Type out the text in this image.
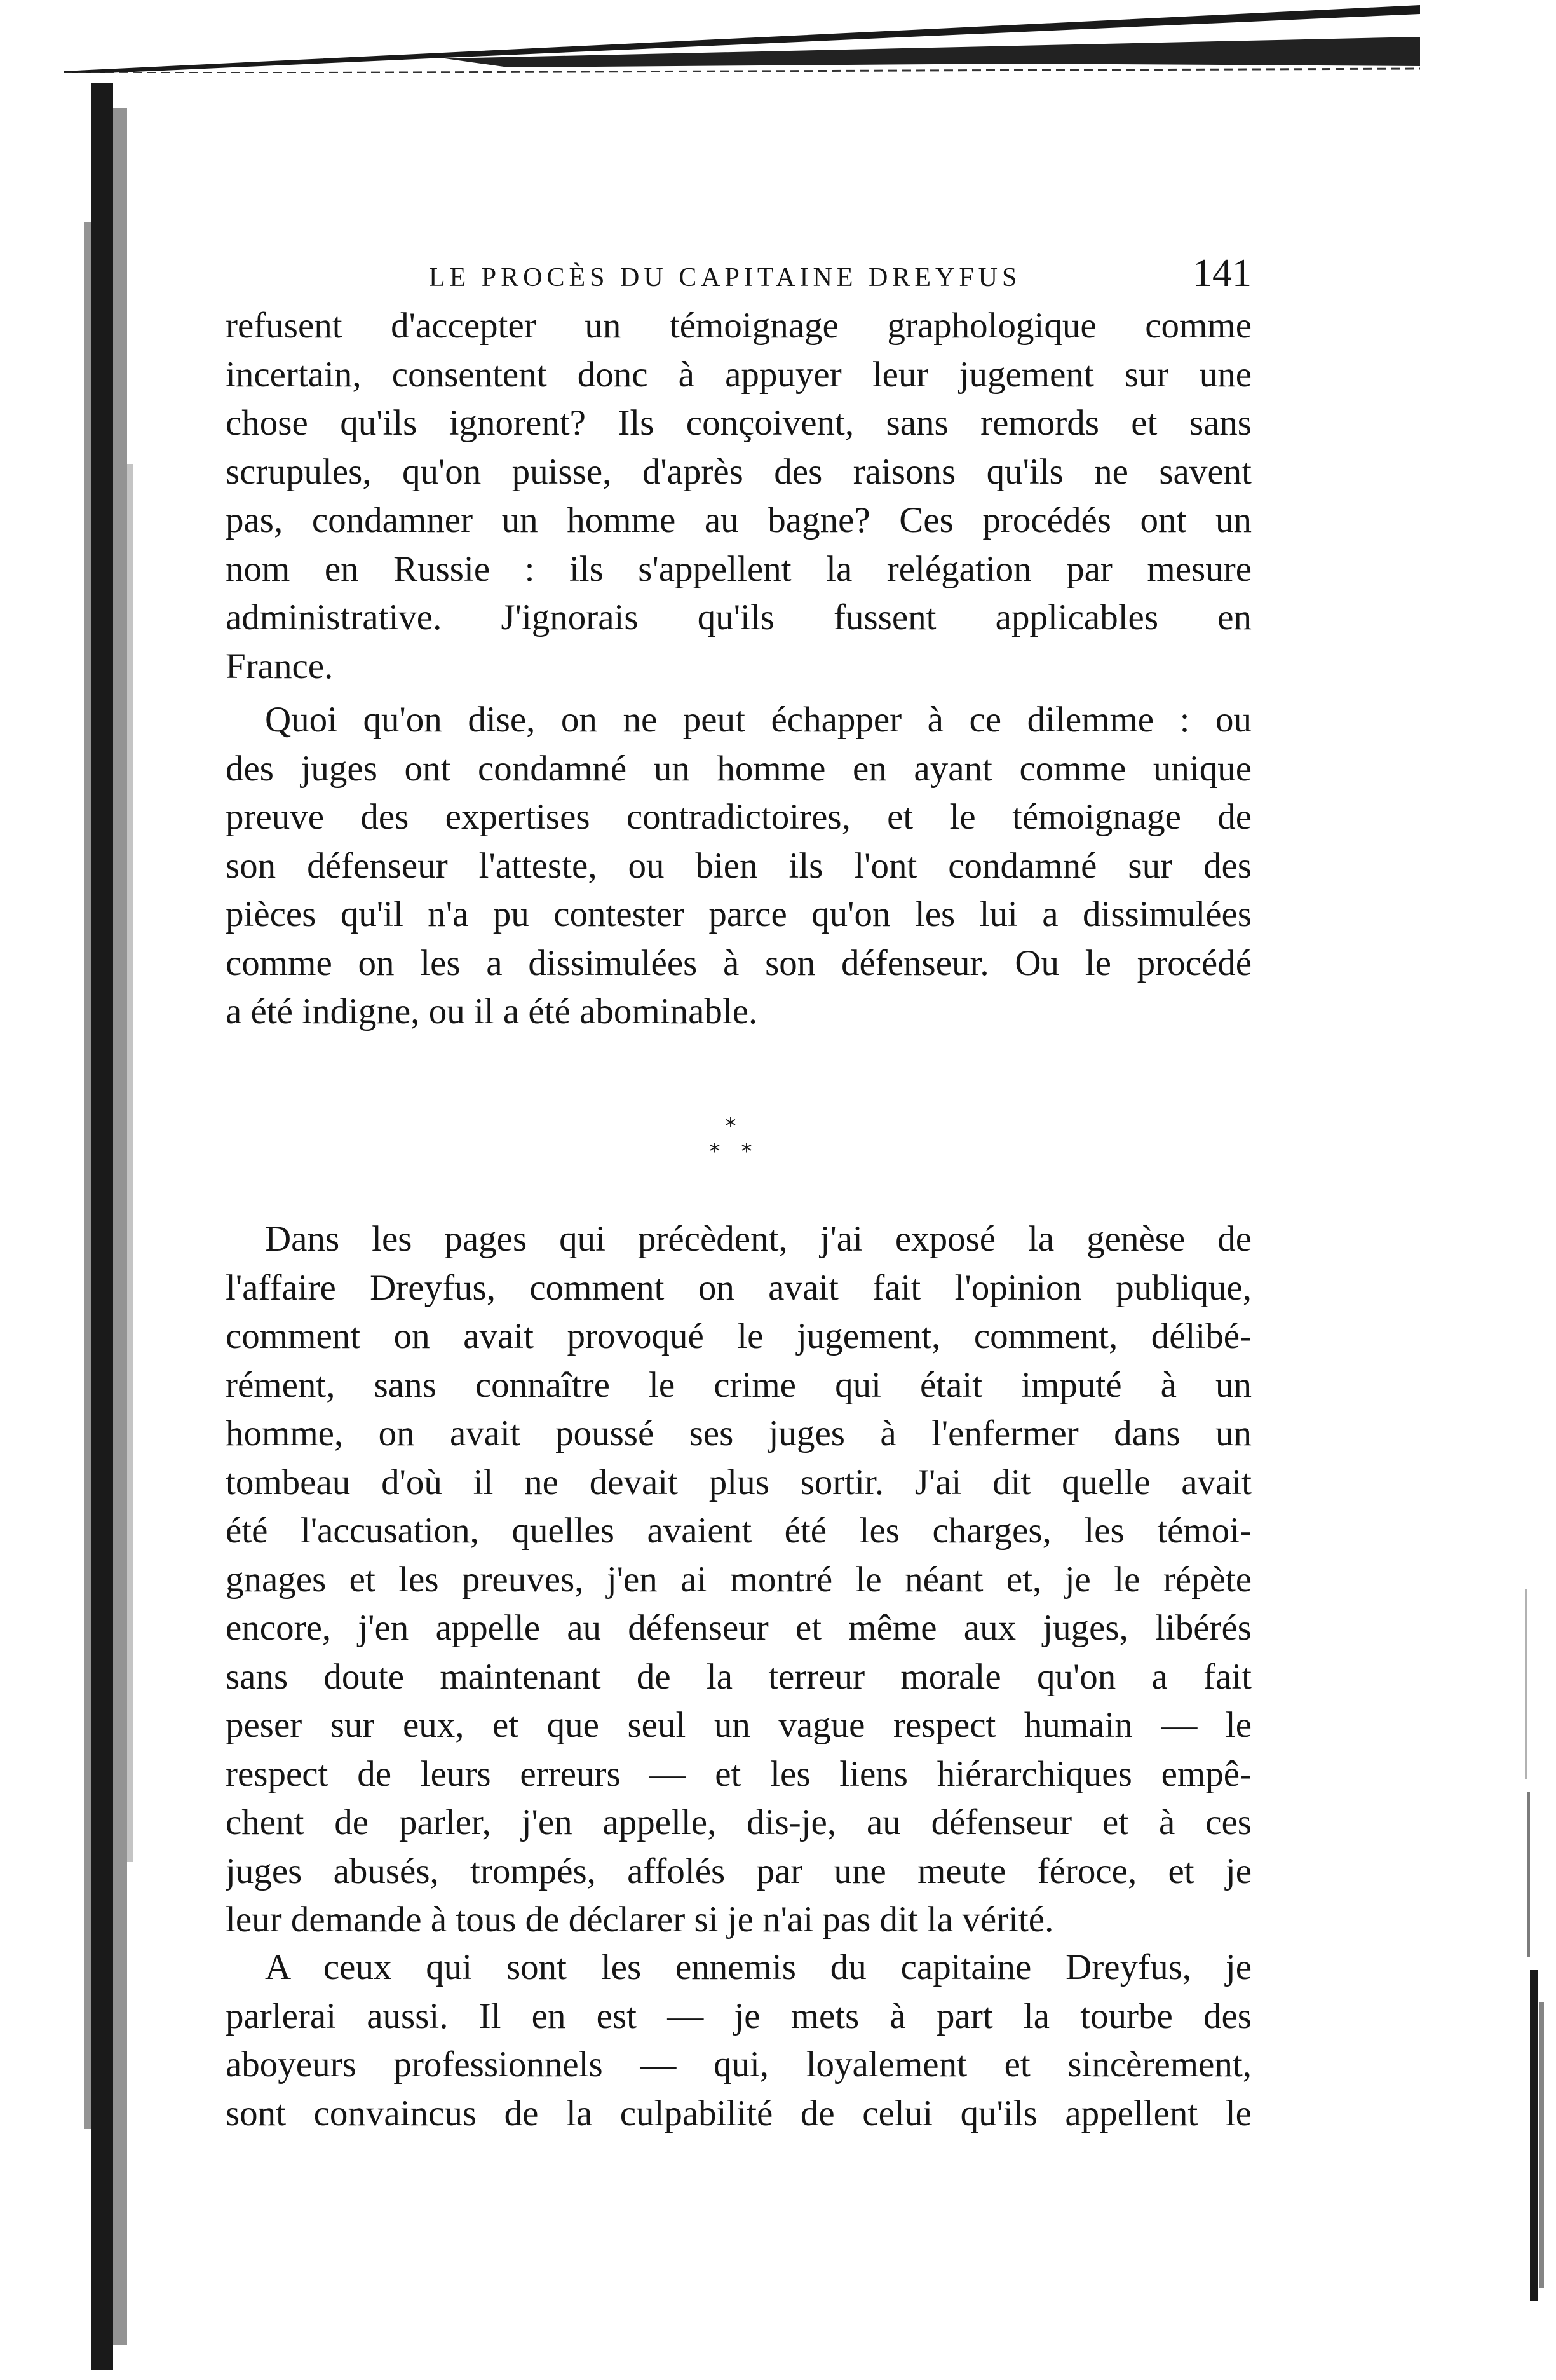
LE PROCÈS DU CAPITAINE DREYFUS	141
refusent d'accepter un témoignage graphologique comme
incertain, consentent donc à appuyer leur jugement sur une
chose qu'ils ignorent? Ils conçoivent, sans remords et sans
scrupules, qu'on puisse, d'après des raisons qu'ils ne savent
pas, condamner un homme au bagne? Ces procédés ont un
nom en Russie : ils s'appellent la relégation par mesure
administrative. J'ignorais qu'ils fussent applicables en
France.
Quoi qu'on dise, on ne peut échapper à ce dilemme : ou
des juges ont condamné un homme en ayant comme unique
preuve des expertises contradictoires, et le témoignage de
son défenseur l'atteste, ou bien ils l'ont condamné sur des
pièces qu'il n'a pu contester parce qu'on les lui a dissimulées
comme on les a dissimulées à son défenseur. Ou le procédé
a été indigne, ou il a été abominable.
*
* *
Dans les pages qui précèdent, j'ai exposé la genèse de
l'affaire Dreyfus, comment on avait fait l'opinion publique,
comment on avait provoqué le jugement, comment, délibé-
rément, sans connaître le crime qui était imputé à un
homme, on avait poussé ses juges à l'enfermer dans un
tombeau d'où il ne devait plus sortir. J'ai dit quelle avait
été l'accusation, quelles avaient été les charges, les témoi-
gnages et les preuves, j'en ai montré le néant et, je le répète
encore, j'en appelle au défenseur et même aux juges, libérés
sans doute maintenant de la terreur morale qu'on a fait
peser sur eux, et que seul un vague respect humain — le
respect de leurs erreurs — et les liens hiérarchiques empê-
chent de parler, j'en appelle, dis-je, au défenseur et à ces
juges abusés, trompés, affolés par une meute féroce, et je
leur demande à tous de déclarer si je n'ai pas dit la vérité.
A ceux qui sont les ennemis du capitaine Dreyfus, je
parlerai aussi. Il en est — je mets à part la tourbe des
aboyeurs professionnels — qui, loyalement et sincèrement,
sont convaincus de la culpabilité de celui qu'ils appellent le
